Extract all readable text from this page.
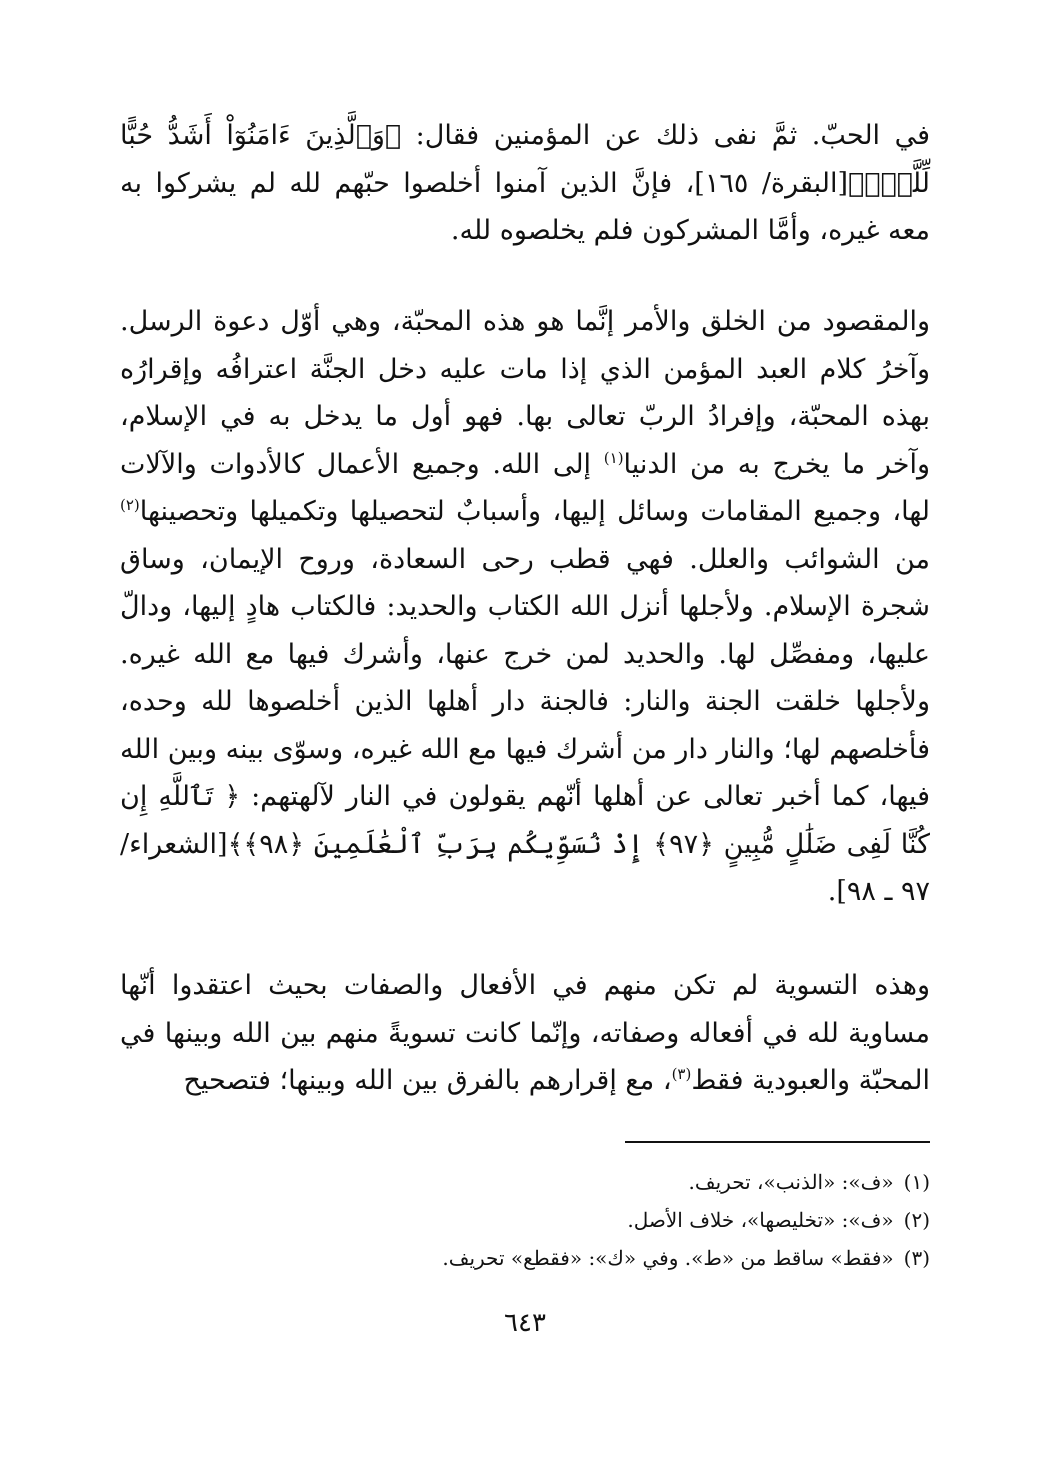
في الحبّ. ثمَّ نفى ذلك عن المؤمنين فقال: ﴿وَٱلَّذِينَ ءَامَنُوٓاْ أَشَدُّ حُبًّا لِّلَّهِۗ﴾[البقرة/ ١٦٥]، فإنَّ الذين آمنوا أخلصوا حبّهم لله لم يشركوا به معه غيره، وأمَّا المشركون فلم يخلصوه لله.
والمقصود من الخلق والأمر إنَّما هو هذه المحبّة، وهي أوّل دعوة الرسل. وآخرُ كلام العبد المؤمن الذي إذا مات عليه دخل الجنَّة اعترافُه وإقرارُه بهذه المحبّة، وإفرادُ الربّ تعالى بها. فهو أول ما يدخل به في الإسلام، وآخر ما يخرج به من الدنيا$^{(١)}$ إلى الله. وجميع الأعمال كالأدوات والآلات لها، وجميع المقامات وسائل إليها، وأسبابٌ لتحصيلها وتكميلها وتحصينها$^{(٢)}$ من الشوائب والعلل. فهي قطب رحى السعادة، وروح الإيمان، وساق شجرة الإسلام. ولأجلها أنزل الله الكتاب والحديد: فالكتاب هادٍ إليها، ودالّ عليها، ومفصِّل لها. والحديد لمن خرج عنها، وأشرك فيها مع الله غيره. ولأجلها خلقت الجنة والنار: فالجنة دار أهلها الذين أخلصوها لله وحده، فأخلصهم لها؛ والنار دار من أشرك فيها مع الله غيره، وسوّى بينه وبين الله فيها، كما أخبر تعالى عن أهلها أنّهم يقولون في النار لآلهتهم: ﴿ تَٱللَّهِ إِن كُنَّا لَفِى ضَلَٰلٍ مُّبِينٍ ﴿٩٧﴾ إِذْ نُسَوِّيكُم بِرَبِّ ٱلْعَٰلَمِينَ ﴿٩٨﴾﴾[الشعراء/ ٩٧ ـ ٩٨].
وهذه التسوية لم تكن منهم في الأفعال والصفات بحيث اعتقدوا أنّها مساوية لله في أفعاله وصفاته، وإنّما كانت تسويةً منهم بين الله وبينها في المحبّة والعبودية فقط$^{(٣)}$، مع إقرارهم بالفرق بين الله وبينها؛ فتصحيح
(١)«ف»: «الذنب»، تحريف.
(٢)«ف»: «تخليصها»، خلاف الأصل.
(٣)«فقط» ساقط من «ط». وفي «ك»: «فقطع» تحريف.
٦٤٣
